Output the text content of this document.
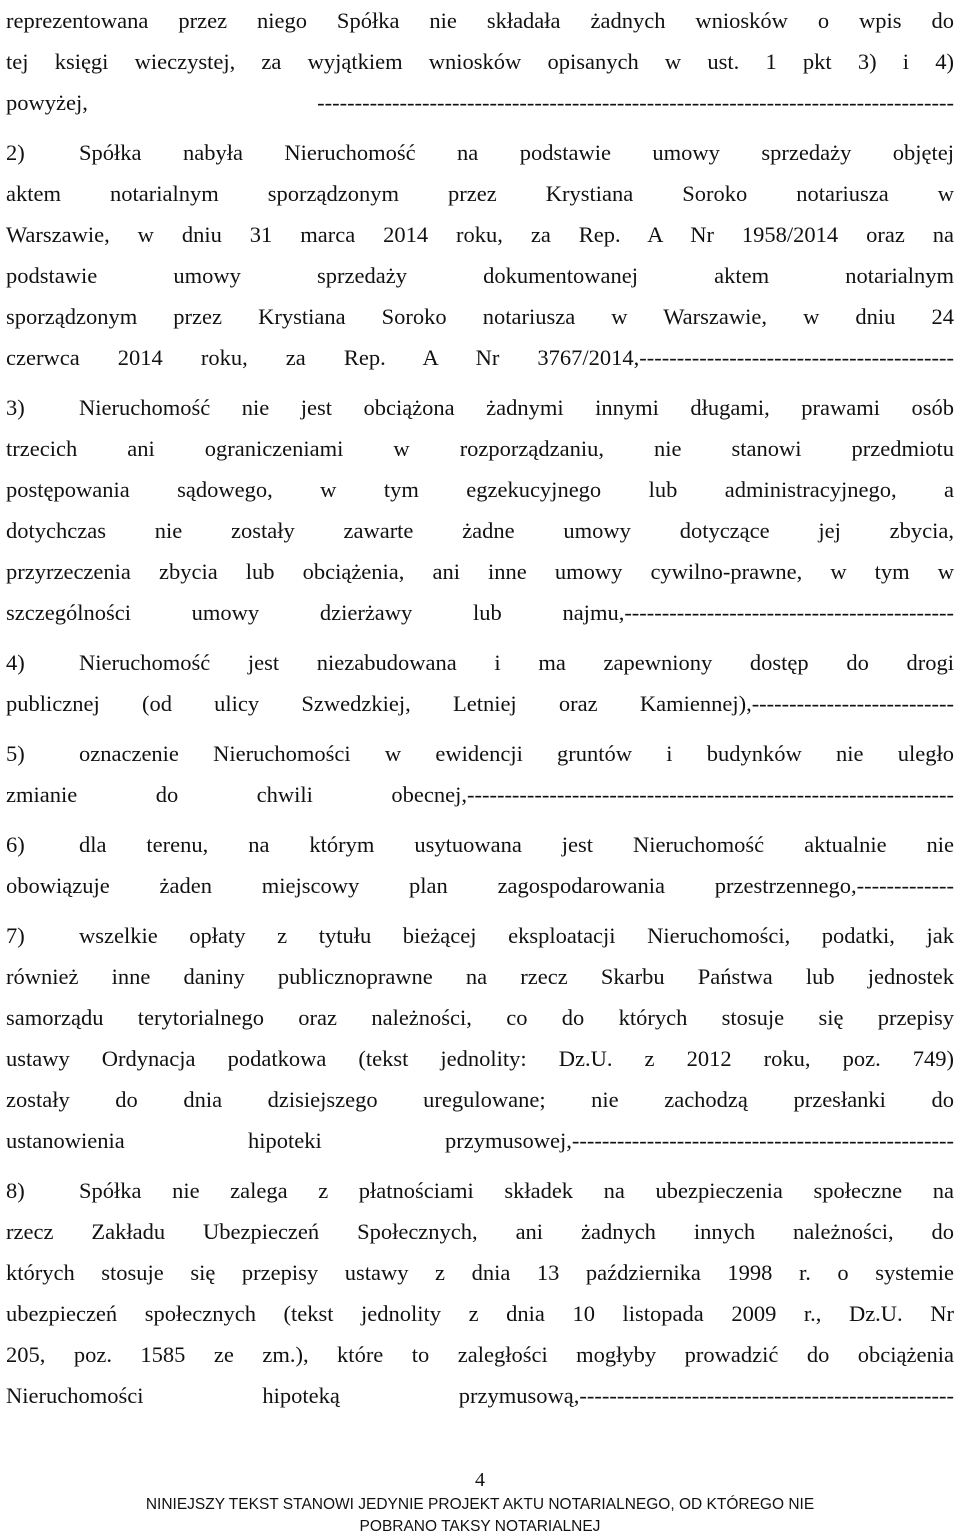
reprezentowana przez niego Spółka nie składała żadnych wniosków o wpis do
tej księgi wieczystej, za wyjątkiem wniosków opisanych w ust. 1 pkt 3) i 4)
powyżej, -------------------------------------------------------------------------------------
2) Spółka nabyła Nieruchomość na podstawie umowy sprzedaży objętej
aktem notarialnym sporządzonym przez Krystiana Soroko notariusza w
Warszawie, w dniu 31 marca 2014 roku, za Rep. A Nr 1958/2014 oraz na
podstawie umowy sprzedaży dokumentowanej aktem notarialnym
sporządzonym przez Krystiana Soroko notariusza w Warszawie, w dniu 24
czerwca 2014 roku, za Rep. A Nr 3767/2014,------------------------------------------
3) Nieruchomość nie jest obciążona żadnymi innymi długami, prawami osób
trzecich ani ograniczeniami w rozporządzaniu, nie stanowi przedmiotu
postępowania sądowego, w tym egzekucyjnego lub administracyjnego, a
dotychczas nie zostały zawarte żadne umowy dotyczące jej zbycia,
przyrzeczenia zbycia lub obciążenia, ani inne umowy cywilno-prawne, w tym w
szczególności umowy dzierżawy lub najmu,--------------------------------------------
4) Nieruchomość jest niezabudowana i ma zapewniony dostęp do drogi
publicznej (od ulicy Szwedzkiej, Letniej oraz Kamiennej),---------------------------
5) oznaczenie Nieruchomości w ewidencji gruntów i budynków nie uległo
zmianie do chwili obecnej,-----------------------------------------------------------------
6) dla terenu, na którym usytuowana jest Nieruchomość aktualnie nie
obowiązuje żaden miejscowy plan zagospodarowania przestrzennego,-------------
7) wszelkie opłaty z tytułu bieżącej eksploatacji Nieruchomości, podatki, jak
również inne daniny publicznoprawne na rzecz Skarbu Państwa lub jednostek
samorządu terytorialnego oraz należności, co do których stosuje się przepisy
ustawy Ordynacja podatkowa (tekst jednolity: Dz.U. z 2012 roku, poz. 749)
zostały do dnia dzisiejszego uregulowane; nie zachodzą przesłanki do
ustanowienia hipoteki przymusowej,---------------------------------------------------
8) Spółka nie zalega z płatnościami składek na ubezpieczenia społeczne na
rzecz Zakładu Ubezpieczeń Społecznych, ani żadnych innych należności, do
których stosuje się przepisy ustawy z dnia 13 października 1998 r. o systemie
ubezpieczeń społecznych (tekst jednolity z dnia 10 listopada 2009 r., Dz.U. Nr
205, poz. 1585 ze zm.), które to zaległości mogłyby prowadzić do obciążenia
Nieruchomości hipoteką przymusową,--------------------------------------------------
4
NINIEJSZY TEKST STANOWI JEDYNIE PROJEKT AKTU NOTARIALNEGO, OD KTÓREGO NIE
POBRANO TAKSY NOTARIALNEJ
